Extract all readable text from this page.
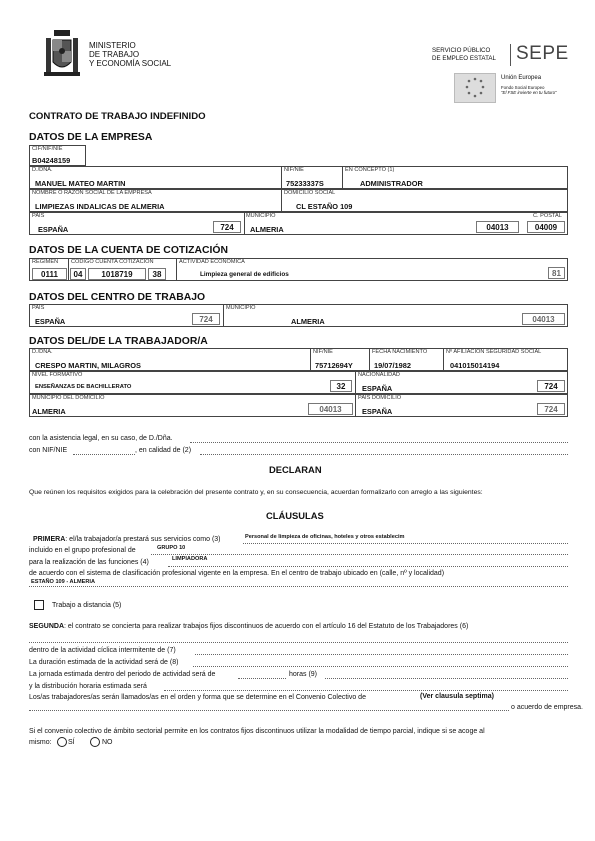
MINISTERIO
DE TRABAJO
Y ECONOMÍA SOCIAL
SERVICIO PÚBLICO
DE EMPLEO ESTATAL SEPE
Unión Europea
Fondo Social Europeo
"El FSE invierte en tu futuro"
CONTRATO DE TRABAJO INDEFINIDO
DATOS DE LA EMPRESA
CIF/NIF/NIE
B04248159
D./DÑA.
MANUEL MATEO MARTIN
NIF/NIE
75233337S
EN CONCEPTO (1)
ADMINISTRADOR
NOMBRE O RAZÓN SOCIAL DE LA EMPRESA
LIMPIEZAS INDALICAS DE ALMERIA
DOMICILIO SOCIAL
CL ESTAÑO 109
PAÍS
ESPAÑA	724
MUNICIPIO
ALMERIA	04013
C. POSTAL
04009
DATOS DE LA CUENTA DE COTIZACIÓN
RÉGIMEN
0111
CÓDIGO CUENTA COTIZACIÓN
04	1018719	38
ACTIVIDAD ECONÓMICA
Limpieza general de edificios	81
DATOS DEL CENTRO DE TRABAJO
PAÍS
ESPAÑA	724
MUNICIPIO
ALMERIA	04013
DATOS DEL/DE LA TRABAJADOR/A
D./DÑA.
CRESPO MARTIN, MILAGROS
NIF/NIE
75712694Y
FECHA NACIMIENTO
19/07/1982
Nº AFILIACIÓN SEGURIDAD SOCIAL
041015014194
NIVEL FORMATIVO
ENSEÑANZAS DE BACHILLERATO	32
NACIONALIDAD
ESPAÑA	724
MUNICIPIO DEL DOMICILIO
ALMERIA	04013
PAÍS DOMICILIO
ESPAÑA	724
con la asistencia legal, en su caso, de D./Dña.
con NIF/NIE	, en calidad de (2)
DECLARAN
Que reúnen los requisitos exigidos para la celebración del presente contrato y, en su consecuencia, acuerdan formalizarlo con arreglo a las siguientes:
CLÁUSULAS
PRIMERA: el/la trabajador/a prestará sus servicios como (3)	Personal de limpieza de oficinas, hoteles y otros establecim
incluido en el grupo profesional de	GRUPO 10
para la realización de las funciones (4)	LIMPIADORA
de acuerdo con el sistema de clasificación profesional vigente en la empresa. En el centro de trabajo ubicado en (calle, nº y localidad)
ESTAÑO 109 - ALMERIA
Trabajo a distancia (5)
SEGUNDA: el contrato se concierta para realizar trabajos fijos discontinuos de acuerdo con el artículo 16 del Estatuto de los Trabajadores (6)
dentro de la actividad cíclica intermitente de (7)
La duración estimada de la actividad será de (8)
La jornada estimada dentro del periodo de actividad será de	horas (9)
y la distribución horaria estimada será
Los/as trabajadores/as serán llamados/as en el orden y forma que se determine en el Convenio Colectivo de	(Ver clausula septima)
o acuerdo de empresa.
Si el convenio colectivo de ámbito sectorial permite en los contratos fijos discontinuos utilizar la modalidad de tiempo parcial, indique si se acoge al
mismo: SÍ	NO
